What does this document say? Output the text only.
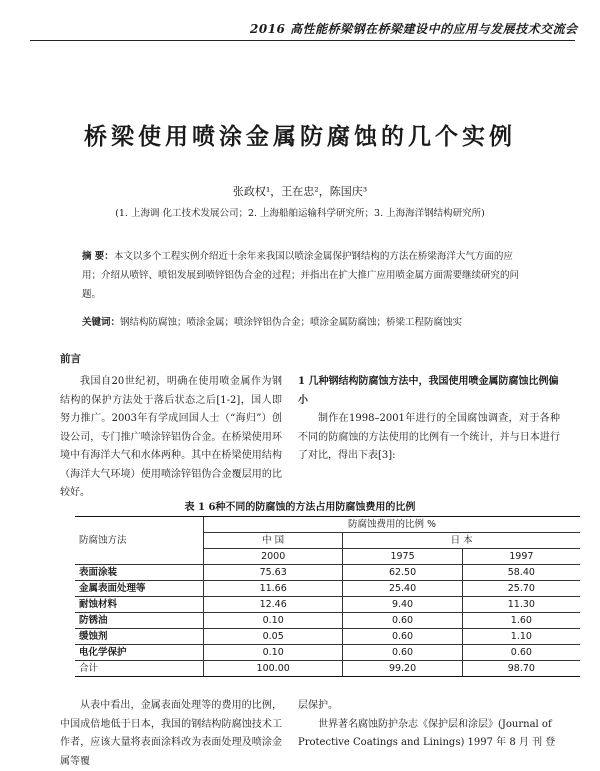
2016 高性能桥梁钢在桥梁建设中的应用与发展技术交流会
桥梁使用喷涂金属防腐蚀的几个实例
张政权¹，王在忠²，陈国庆³
(1. 上海调 化工技术发展公司；2. 上海船舶运输科学研究所；3. 上海海洋钢结构研究所)
摘 要：本文以多个工程实例介绍近十余年来我国以喷涂金属保护钢结构的方法在桥梁海洋大气方面的应用；介绍从喷锌、喷铝发展到喷锌铝伪合金的过程；并指出在扩大推广应用喷金属方面需要继续研究的问题。
关键词：钢结构防腐蚀；喷涂金属；喷涂锌铝伪合金；喷涂金属防腐蚀；桥梁工程防腐蚀实
前言
我国自20世纪初，明确在使用喷金属作为钢结构的保护方法处于落后状态之后[1-2]，国人即努力推广。2003年有学成回国人士（“海归”）创设公司，专门推广喷涂锌铝伪合金。在桥梁使用环境中有海洋大气和水体两种。其中在桥梁使用结构（海洋大气环境）使用喷涂锌铝伪合金覆层用的比较好。
1 几种钢结构防腐蚀方法中，我国使用喷金属防腐蚀比例偏小
制作在1998–2001年进行的全国腐蚀调查，对于各种不同的防腐蚀的方法使用的比例有一个统计，并与日本进行了对比，得出下表[3]:
表 1 6种不同的防腐蚀的方法占用防腐蚀费用的比例
防腐蚀方法	防腐蚀费用的比例 %		
	中 国	日 本	
	2000	1975	1997
表面涂装	75.63	62.50	58.40
金属表面处理等	11.66	25.40	25.70
耐蚀材料	12.46	9.40	11.30
防锈油	0.10	0.60	1.60
缓蚀剂	0.05	0.60	1.10
电化学保护	0.10	0.60	0.60
合计	100.00	99.20	98.70
从表中看出，金属表面处理等的费用的比例，中国成倍地低于日本，我国的钢结构防腐蚀技术工作者，应该大量将表面涂料改为表面处理及喷涂金属等覆
层保护。
世界著名腐蚀防护杂志《保护层和涂层》(Journal of Protective Coatings and Linings) 1997 年 8 月 刊 登
